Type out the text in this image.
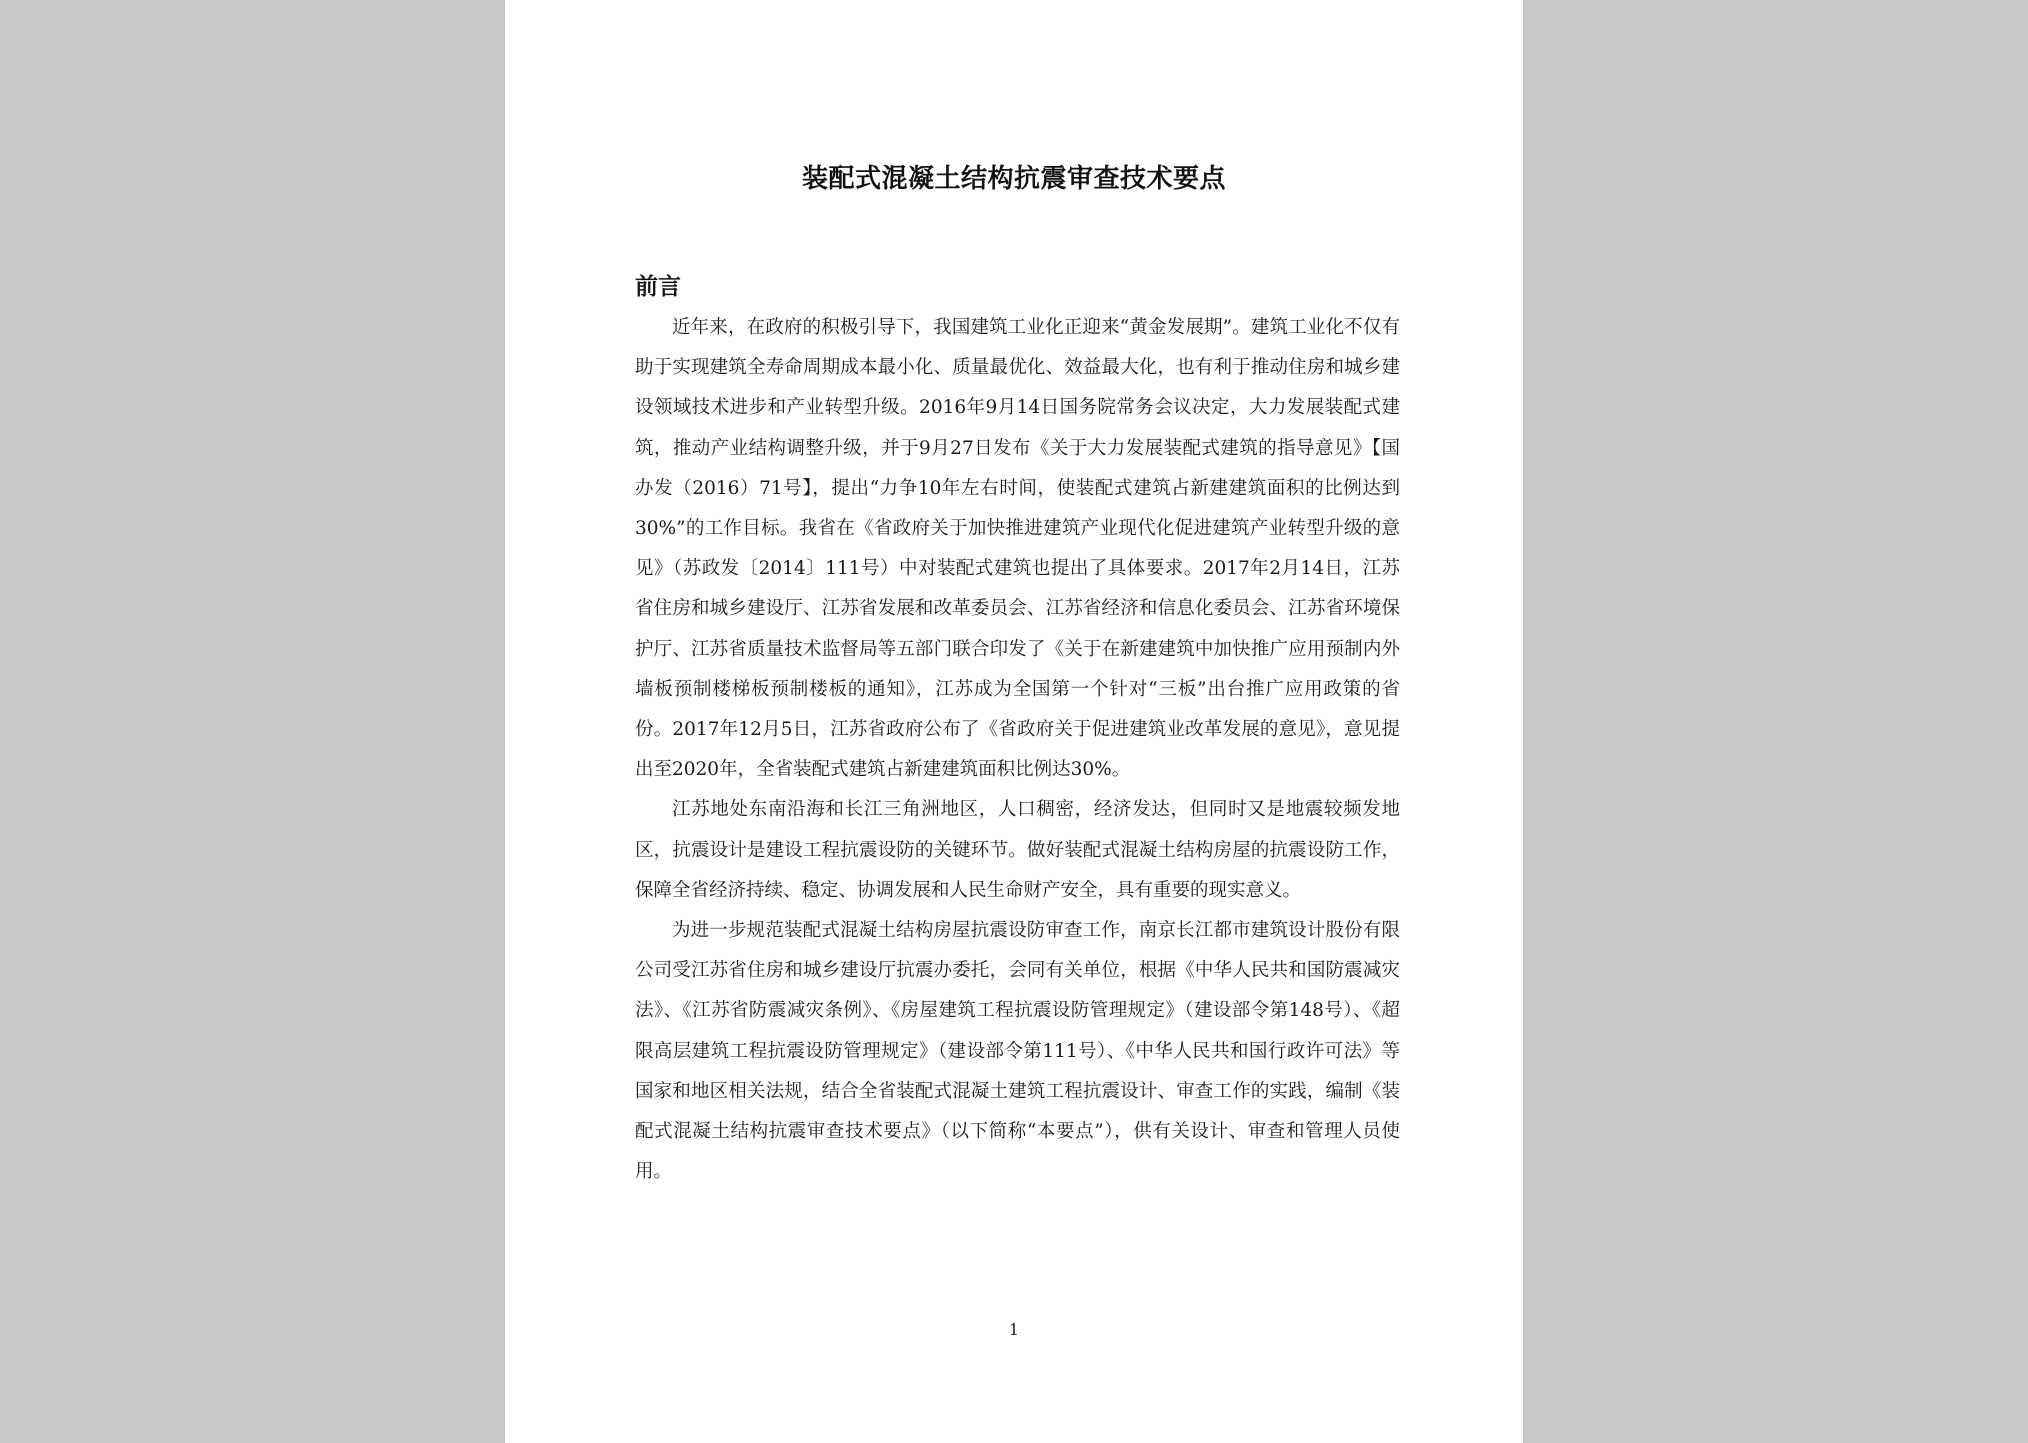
装配式混凝土结构抗震审查技术要点
前言

近年来，在政府的积极引导下，我国建筑工业化正迎来“黄金发展期”。建筑工业化不仅有助于实现建筑全寿命周期成本最小化、质量最优化、效益最大化，也有利于推动住房和城乡建设领域技术进步和产业转型升级。2016年9月14日国务院常务会议决定，大力发展装配式建筑，推动产业结构调整升级，并于9月27日发布《关于大力发展装配式建筑的指导意见》【国办发（2016）71号】，提出“力争10年左右时间，使装配式建筑占新建建筑面积的比例达到30%”的工作目标。我省在《省政府关于加快推进建筑产业现代化促进建筑产业转型升级的意见》（苏政发〔2014〕111号）中对装配式建筑也提出了具体要求。2017年2月14日，江苏省住房和城乡建设厅、江苏省发展和改革委员会、江苏省经济和信息化委员会、江苏省环境保护厅、江苏省质量技术监督局等五部门联合印发了《关于在新建建筑中加快推广应用预制内外墙板预制楼梯板预制楼板的通知》，江苏成为全国第一个针对“三板”出台推广应用政策的省份。2017年12月5日，江苏省政府公布了《省政府关于促进建筑业改革发展的意见》，意见提出至2020年，全省装配式建筑占新建建筑面积比例达30%。

江苏地处东南沿海和长江三角洲地区，人口稠密，经济发达，但同时又是地震较频发地区，抗震设计是建设工程抗震设防的关键环节。做好装配式混凝土结构房屋的抗震设防工作，保障全省经济持续、稳定、协调发展和人民生命财产安全，具有重要的现实意义。

为进一步规范装配式混凝土结构房屋抗震设防审查工作，南京长江都市建筑设计股份有限公司受江苏省住房和城乡建设厅抗震办委托，会同有关单位，根据《中华人民共和国防震减灾法》、《江苏省防震减灾条例》、《房屋建筑工程抗震设防管理规定》（建设部令第148号）、《超限高层建筑工程抗震设防管理规定》（建设部令第111号）、《中华人民共和国行政许可法》等国家和地区相关法规，结合全省装配式混凝土建筑工程抗震设计、审查工作的实践，编制《装配式混凝土结构抗震审查技术要点》（以下简称“本要点”），供有关设计、审查和管理人员使用。

1
